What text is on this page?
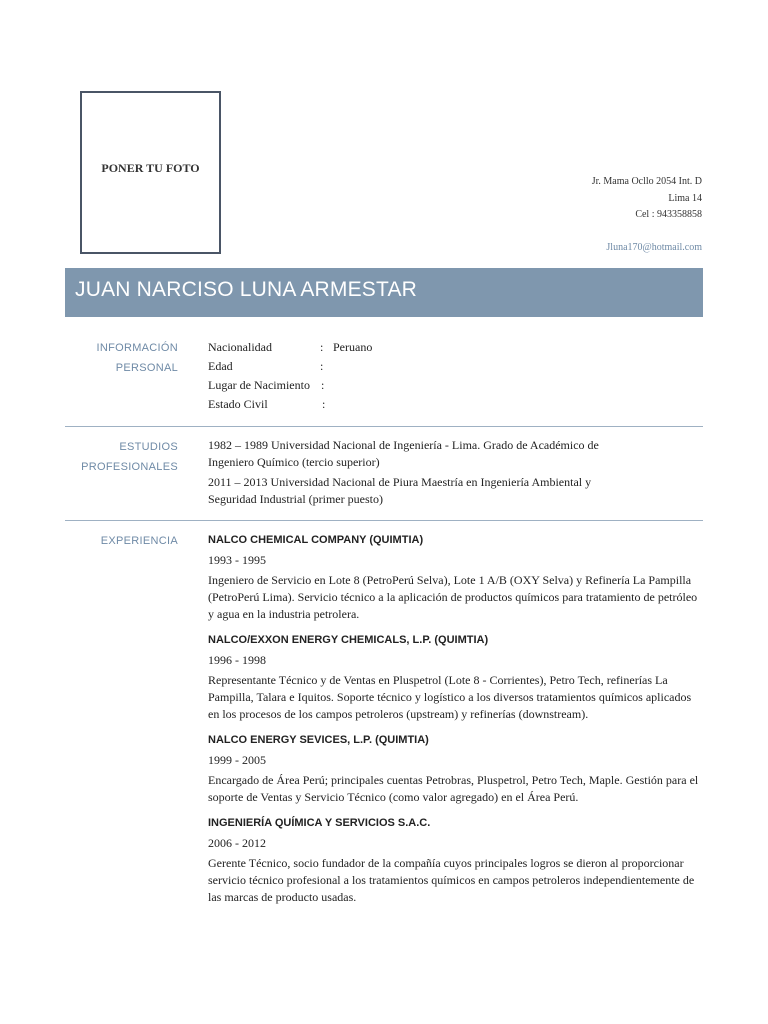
PONER TU FOTO
Jr. Mama Ocllo 2054 Int. D
Lima 14
Cel : 943358858
Jluna170@hotmail.com
JUAN NARCISO LUNA ARMESTAR
INFORMACIÓN
PERSONAL
Nacionalidad	: Peruano
Edad	:
Lugar de Nacimiento :
Estado Civil	:
ESTUDIOS
PROFESIONALES

1982 – 1989 Universidad Nacional de Ingeniería - Lima. Grado de Académico de Ingeniero Químico (tercio superior)

2011 – 2013 Universidad Nacional de Piura Maestría en Ingeniería Ambiental y Seguridad Industrial (primer puesto)

EXPERIENCIA	NALCO CHEMICAL COMPANY (QUIMTIA)

1993 - 1995

Ingeniero de Servicio en Lote 8 (PetroPerú Selva), Lote 1 A/B (OXY Selva) y Refinería La Pampilla (PetroPerú Lima). Servicio técnico a la aplicación de productos químicos para tratamiento de petróleo y agua en la industria petrolera.

NALCO/EXXON ENERGY CHEMICALS, L.P. (QUIMTIA)

1996 - 1998

Representante Técnico y de Ventas en Pluspetrol (Lote 8 - Corrientes), Petro Tech, refinerías La Pampilla, Talara e Iquitos. Soporte técnico y logístico a los diversos tratamientos químicos aplicados en los procesos de los campos petroleros (upstream) y refinerías (downstream).

NALCO ENERGY SEVICES, L.P. (QUIMTIA)

1999 - 2005

Encargado de Área Perú; principales cuentas Petrobras, Pluspetrol, Petro Tech, Maple. Gestión para el soporte de Ventas y Servicio Técnico (como valor agregado) en el Área Perú.

INGENIERÍA QUÍMICA Y SERVICIOS S.A.C.

2006 - 2012

Gerente Técnico, socio fundador de la compañía cuyos principales logros se dieron al proporcionar servicio técnico profesional a los tratamientos químicos en campos petroleros independientemente de las marcas de producto usadas.
